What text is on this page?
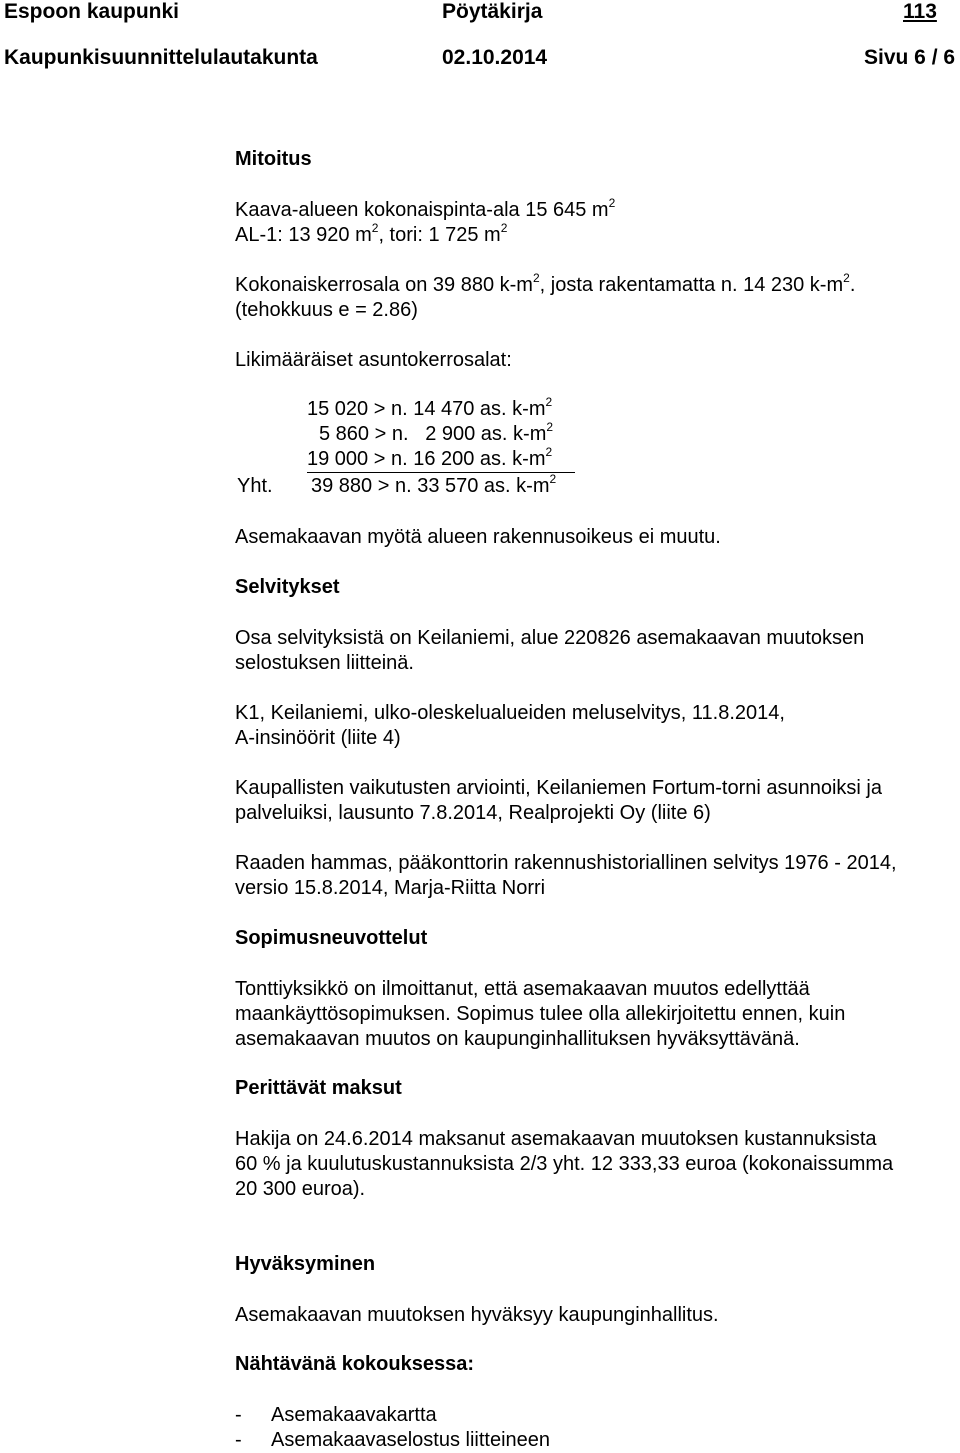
Espoon kaupunki	Pöytäkirja	113
Kaupunkisuunnittelulautakunta	02.10.2014	Sivu 6 / 6
Mitoitus
Kaava-alueen kokonaispinta-ala 15 645 $m^2$
AL-1: 13 920 $m^2$, tori: 1 725 $m^2$
Kokonaiskerrosala on 39 880 $k-m^2$, josta rakentamatta n. 14 230 $k-m^2$.
(tehokkuus e = 2.86)
Likimääräiset asuntokerrosalat:
15 020 > n. 14 470 as. $k-m^2$
5 860 > n.   2 900 as. $k-m^2$
19 000 > n. 16 200 as. $k-m^2$
Yht. 39 880 > n. 33 570 as. $k-m^2$
Asemakaavan myötä alueen rakennusoikeus ei muutu.
Selvitykset
Osa selvityksistä on Keilaniemi, alue 220826 asemakaavan muutoksen
selostuksen liitteinä.
K1, Keilaniemi, ulko-oleskelualueiden meluselvitys, 11.8.2014,
A-insinöörit (liite 4)
Kaupallisten vaikutusten arviointi, Keilaniemen Fortum-torni asunnoiksi ja
palveluiksi, lausunto 7.8.2014, Realprojekti Oy (liite 6)
Raaden hammas, pääkonttorin rakennushistoriallinen selvitys 1976 - 2014,
versio 15.8.2014, Marja-Riitta Norri
Sopimusneuvottelut
Tonttiyksikkö on ilmoittanut, että asemakaavan muutos edellyttää
maankäyttösopimuksen. Sopimus tulee olla allekirjoitettu ennen, kuin
asemakaavan muutos on kaupunginhallituksen hyväksyttävänä.
Perittävät maksut
Hakija on 24.6.2014 maksanut asemakaavan muutoksen kustannuksista
60 % ja kuulutuskustannuksista 2/3 yht. 12 333,33 euroa (kokonaissumma
20 300 euroa).
Hyväksyminen
Asemakaavan muutoksen hyväksyy kaupunginhallitus.
Nähtävänä kokouksessa:
- Asemakaavakartta
- Asemakaavaselostus liitteineen
